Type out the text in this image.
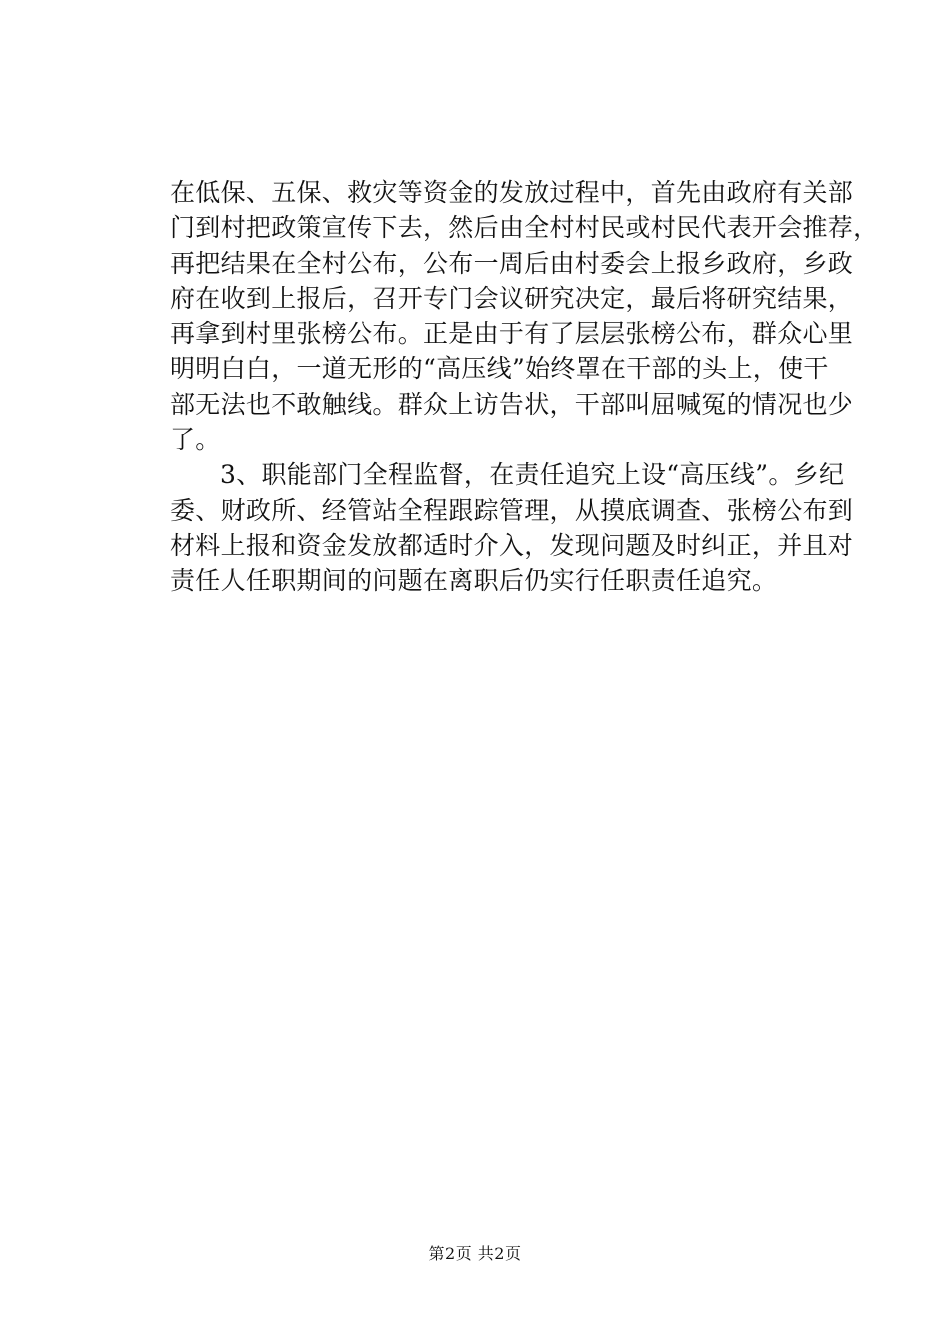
在低保、五保、救灾等资金的发放过程中，首先由政府有关部
门到村把政策宣传下去，然后由全村村民或村民代表开会推荐，
再把结果在全村公布，公布一周后由村委会上报乡政府，乡政
府在收到上报后，召开专门会议研究决定，最后将研究结果，
再拿到村里张榜公布。正是由于有了层层张榜公布，群众心里
明明白白，一道无形的“高压线”始终罩在干部的头上，使干
部无法也不敢触线。群众上访告状，干部叫屈喊冤的情况也少
了。
3、职能部门全程监督，在责任追究上设“高压线”。乡纪
委、财政所、经管站全程跟踪管理，从摸底调查、张榜公布到
材料上报和资金发放都适时介入，发现问题及时纠正，并且对
责任人任职期间的问题在离职后仍实行任职责任追究。
第2页 共2页
